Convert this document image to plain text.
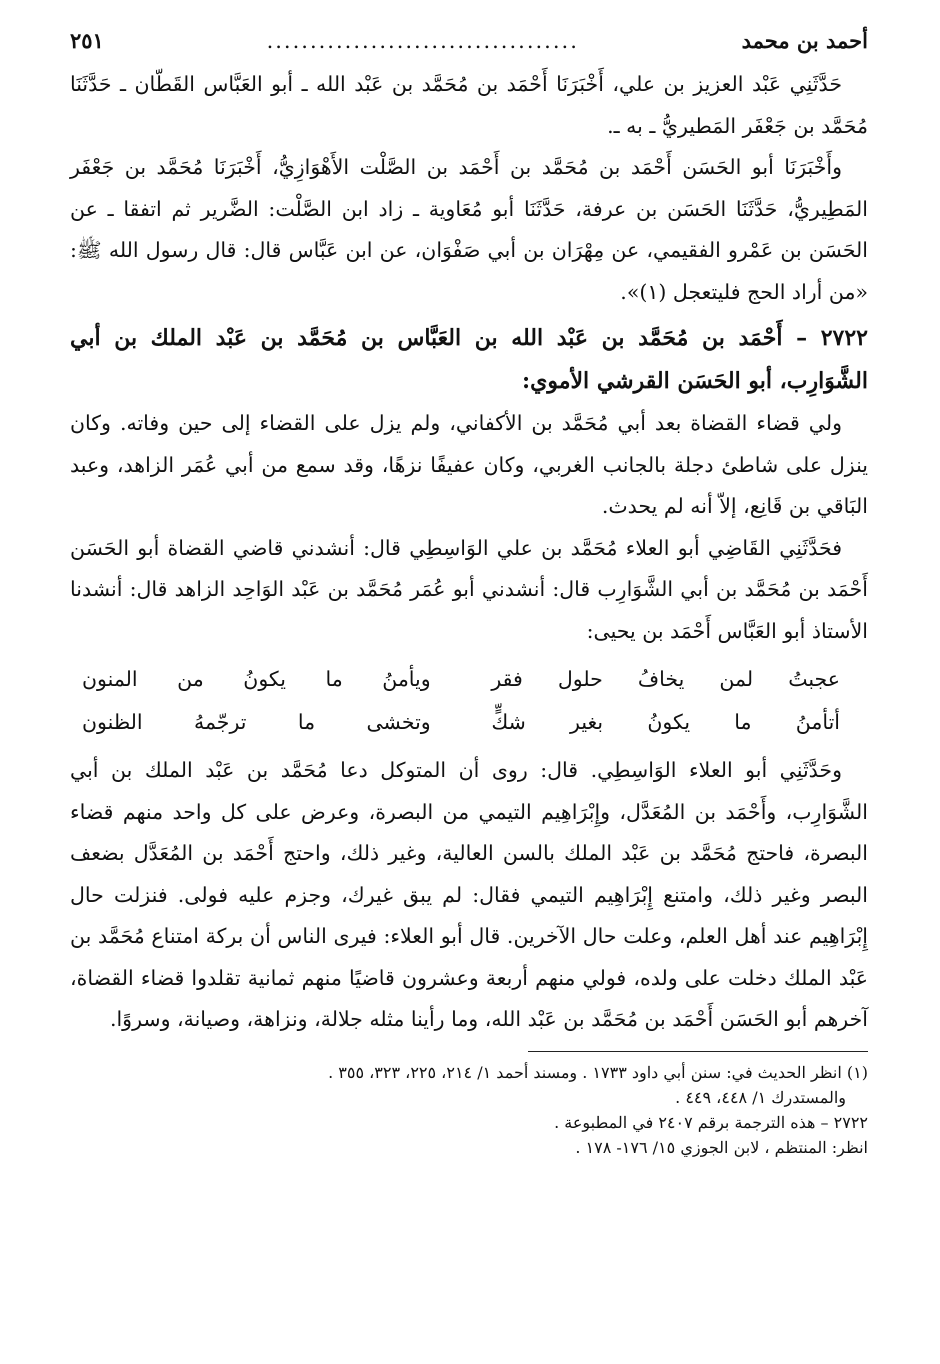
أحمد بن محمد
....................................
٢٥١

حَدَّثَنِي عَبْد العزيز بن علي، أَخْبَرَنَا أَحْمَد بن مُحَمَّد بن عَبْد الله ـ أبو العَبَّاس القَطّان ـ حَدَّثَنَا مُحَمَّد بن جَعْفَر المَطيريُّ ـ به ـ.

وأَخْبَرَنَا أبو الحَسَن أَحْمَد بن مُحَمَّد بن أَحْمَد بن الصَّلْت الأَهْوَازِيُّ، أَخْبَرَنَا مُحَمَّد بن جَعْفَر المَطِيريُّ، حَدَّثَنَا الحَسَن بن عرفة، حَدَّثَنَا أبو مُعَاوية ـ زاد ابن الصَّلْت: الضَّرير ثم اتفقا ـ عن الحَسَن بن عَمْرو الفقيمي، عن مِهْرَان بن أبي صَفْوَان، عن ابن عَبَّاس قال: قال رسول الله ﷺ: «من أراد الحج فليتعجل (١)».

٢٧٢٢ – أَحْمَد بن مُحَمَّد بن عَبْد الله بن العَبَّاس بن مُحَمَّد بن عَبْد الملك بن أبي الشَّوَارِب، أبو الحَسَن القرشي الأموي:

ولي قضاء القضاة بعد أبي مُحَمَّد بن الأكفاني، ولم يزل على القضاء إلى حين وفاته. وكان ينزل على شاطئ دجلة بالجانب الغربي، وكان عفيفًا نزهًا، وقد سمع من أبي عُمَر الزاهد، وعبد البَاقي بن قَانِع، إلاّ أنه لم يحدث.

فحَدَّثَنِي القَاضِي أبو العلاء مُحَمَّد بن علي الوَاسِطِي قال: أنشدني قاضي القضاة أبو الحَسَن أَحْمَد بن مُحَمَّد بن أبي الشَّوَارِب قال: أنشدني أبو عُمَر مُحَمَّد بن عَبْد الوَاحِد الزاهد قال: أنشدنا الأستاذ أبو العَبَّاس أَحْمَد بن يحيى:

عجبتُ لمن يخافُ حلول فقر
ويأمنُ ما يكونُ من المنون
أتأمنُ ما يكونُ بغير شكٍّ
وتخشى ما ترجّمهُ الظنون

وحَدَّثَنِي أبو العلاء الوَاسِطِي. قال: روى أن المتوكل دعا مُحَمَّد بن عَبْد الملك بن أبي الشَّوَارِب، وأَحْمَد بن المُعَدَّل، وإِبْرَاهِيم التيمي من البصرة، وعرض على كل واحد منهم قضاء البصرة، فاحتج مُحَمَّد بن عَبْد الملك بالسن العالية، وغير ذلك، واحتج أَحْمَد بن المُعَدَّل بضعف البصر وغير ذلك، وامتنع إِبْرَاهِيم التيمي فقال: لم يبق غيرك، وجزم عليه فولى. فنزلت حال إِبْرَاهِيم عند أهل العلم، وعلت حال الآخرين. قال أبو العلاء: فيرى الناس أن بركة امتناع مُحَمَّد بن عَبْد الملك دخلت على ولده، فولي منهم أربعة وعشرون قاضيًا منهم ثمانية تقلدوا قضاء القضاة، آخرهم أبو الحَسَن أَحْمَد بن مُحَمَّد بن عَبْد الله، وما رأينا مثله جلالة، ونزاهة، وصيانة، وسروًا.

(١) انظر الحديث في: سنن أبي داود ١٧٣٣ . ومسند أحمد ١/ ٢١٤، ٢٢٥، ٣٢٣، ٣٥٥ .

والمستدرك ١/ ٤٤٨، ٤٤٩ .

٢٧٢٢ – هذه الترجمة برقم ٢٤٠٧ في المطبوعة .

انظر: المنتظم ، لابن الجوزي ١٥/ ١٧٦- ١٧٨ .
